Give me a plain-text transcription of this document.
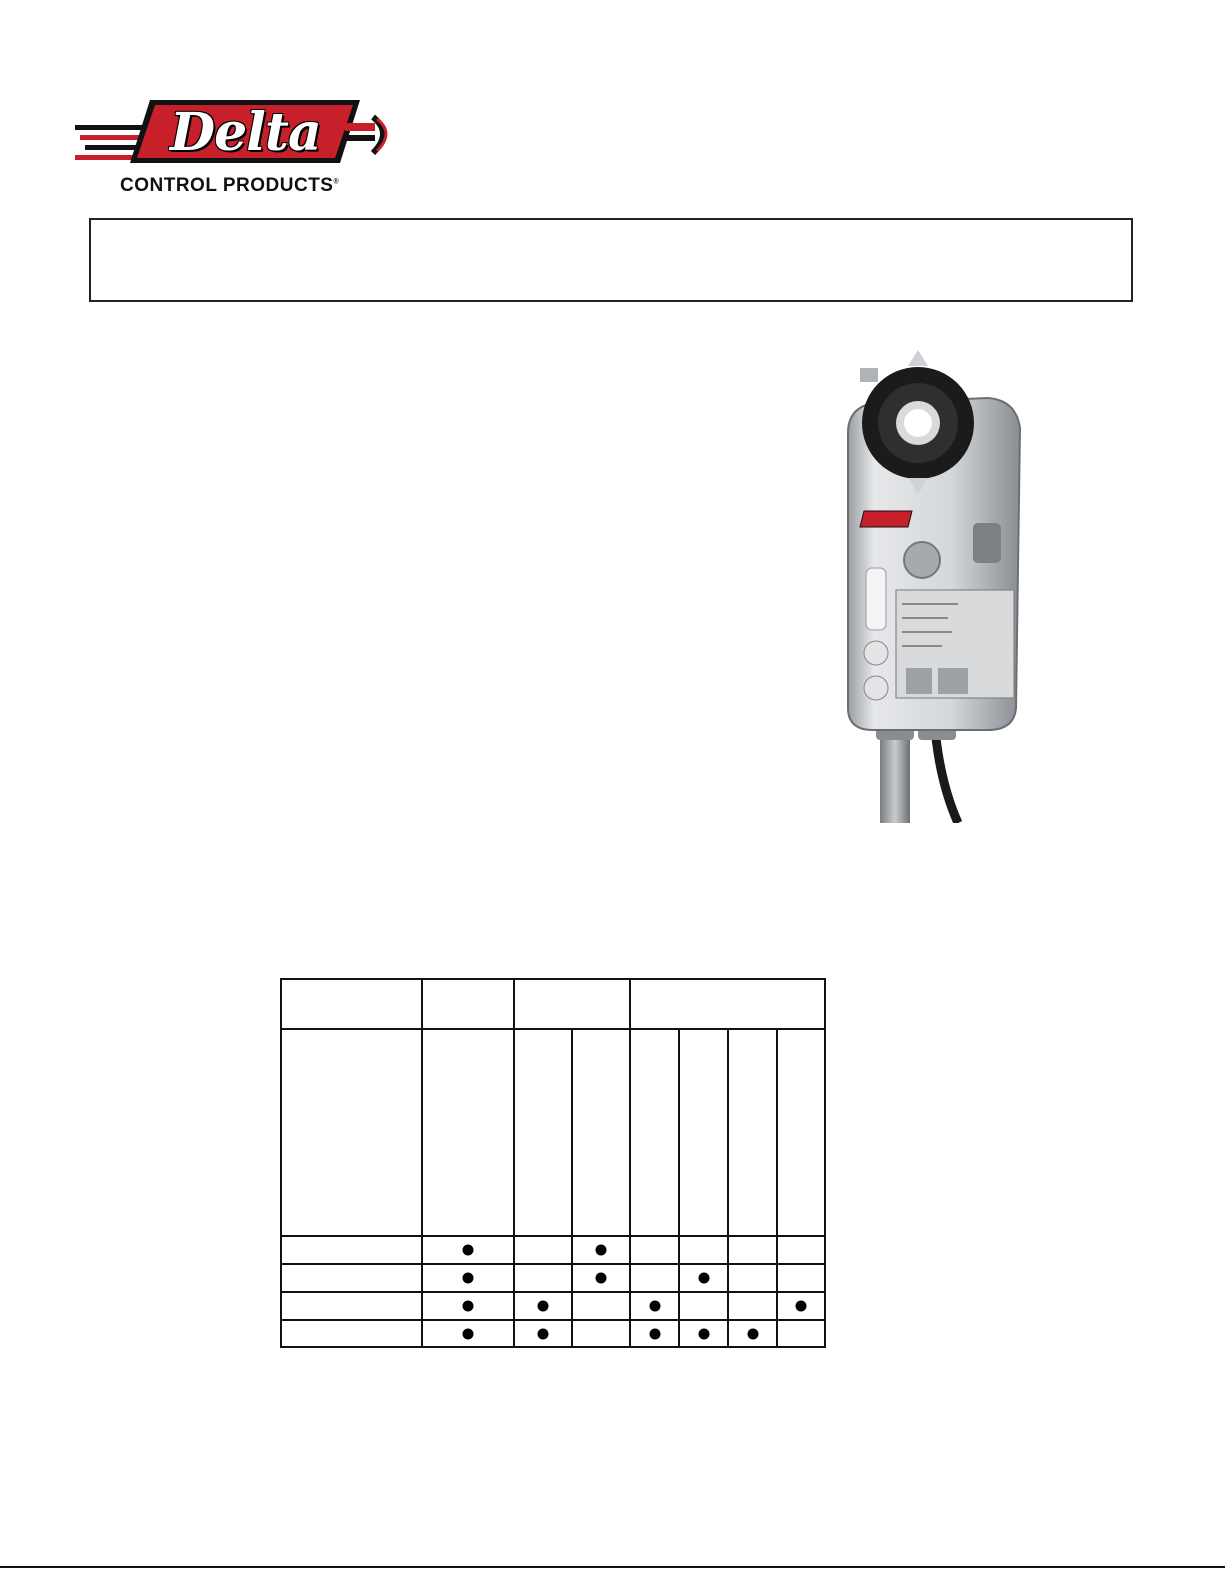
Delta
CONTROL PRODUCTS®
